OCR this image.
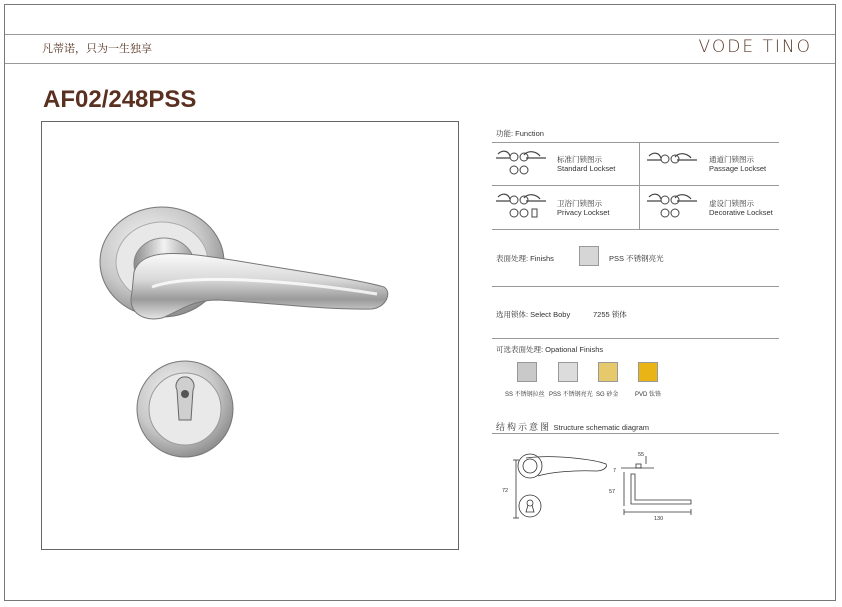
凡蒂诺，只为一生独享	VODE TINO
AF02/248PSS
功能: Function
标准门锁图示
Standard Lockset
通道门锁图示
Passage Lockset
卫浴门锁图示
Privacy Lockset
虚设门锁图示
Decorative Lockset
表面处理: Finishs	PSS 不锈钢亮光
选用锁体: Select Boby	7255 锁体
可选表面处理: Opational Finishs
SS 不锈钢拉丝 PSS 不锈钢亮光 SG 砂金	PVD 钛铬
结构示意图 Structure schematic diagram
72
55
7
57
130
